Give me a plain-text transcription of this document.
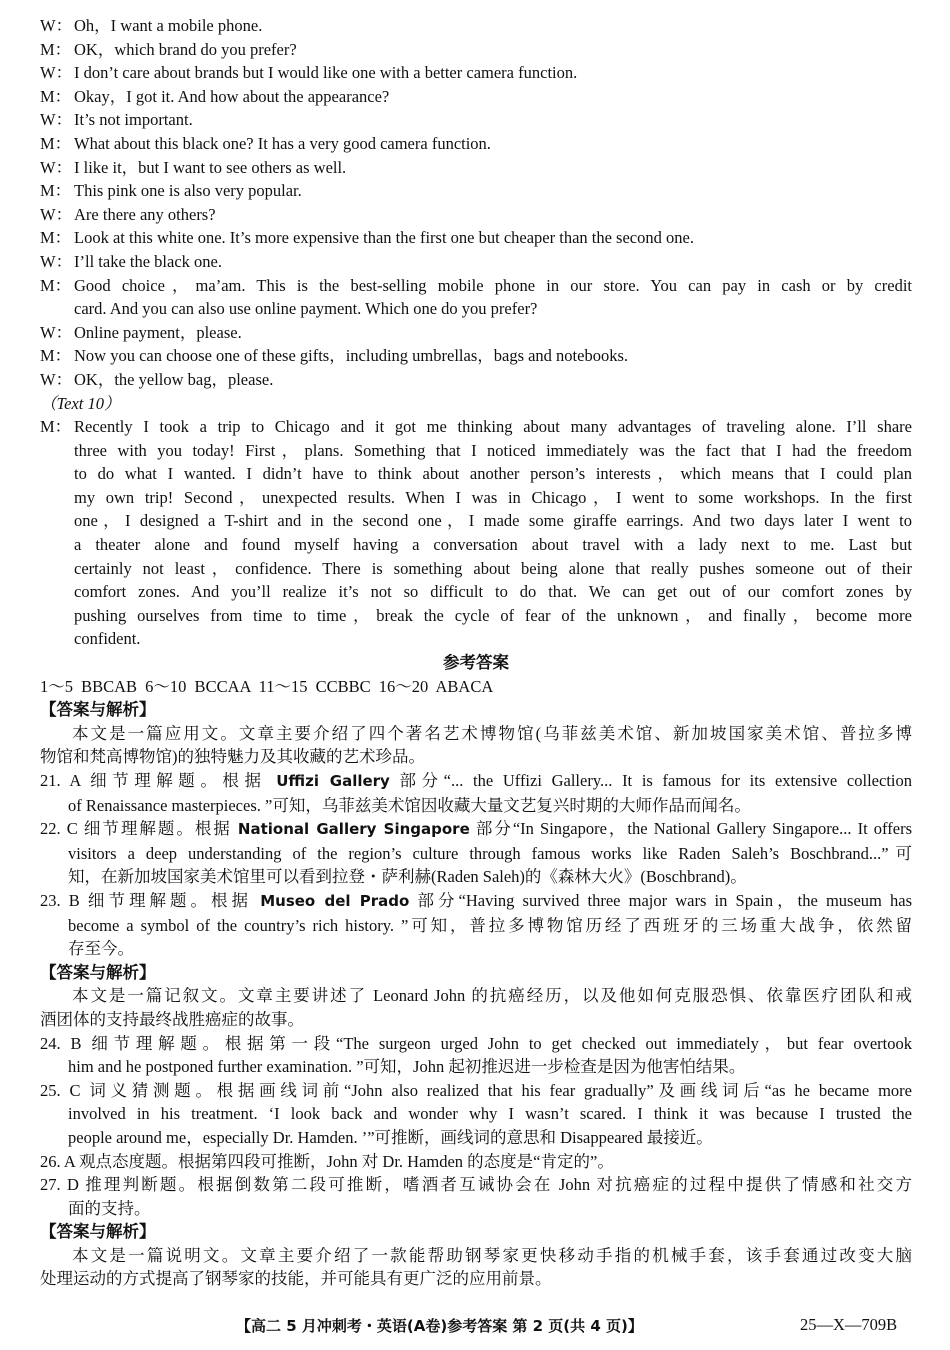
W： Oh，I want a mobile phone.
M： OK，which brand do you prefer?
W： I don’t care about brands but I would like one with a better camera function.
M： Okay，I got it. And how about the appearance?
W： It’s not important.
M： What about this black one? It has a very good camera function.
W： I like it，but I want to see others as well.
M： This pink one is also very popular.
W： Are there any others?
M： Look at this white one. It’s more expensive than the first one but cheaper than the second one.
W： I’ll take the black one.
M： Good choice，ma’am. This is the best-selling mobile phone in our store. You can pay in cash or by credit
card. And you can also use online payment. Which one do you prefer?
W： Online payment，please.
M： Now you can choose one of these gifts，including umbrellas，bags and notebooks.
W： OK，the yellow bag，please.
（Text 10）
M： Recently I took a trip to Chicago and it got me thinking about many advantages of traveling alone. I’ll share
three with you today! First，plans. Something that I noticed immediately was the fact that I had the freedom
to do what I wanted. I didn’t have to think about another person’s interests，which means that I could plan
my own trip! Second，unexpected results. When I was in Chicago，I went to some workshops. In the first
one，I designed a T-shirt and in the second one，I made some giraffe earrings. And two days later I went to
a theater alone and found myself having a conversation about travel with a lady next to me. Last but
certainly not least，confidence. There is something about being alone that really pushes someone out of their
comfort zones. And you’ll realize it’s not so difficult to do that. We can get out of our comfort zones by
pushing ourselves from time to time，break the cycle of fear of the unknown，and finally，become more
confident.
参考答案
1～5 BBCAB 6～10 BCCAA 11～15 CCBBC 16～20 ABACA
【答案与解析】
本文是一篇应用文。文章主要介绍了四个著名艺术博物馆(乌菲兹美术馆、新加坡国家美术馆、普拉多博
物馆和梵高博物馆)的独特魅力及其收藏的艺术珍品。
21. A 细节理解题。根据 Uffizi Gallery 部分“... the Uffizi Gallery... It is famous for its extensive collection
of Renaissance masterpieces. ”可知，乌菲兹美术馆因收藏大量文艺复兴时期的大师作品而闻名。
22. C 细节理解题。根据 National Gallery Singapore 部分“In Singapore，the National Gallery Singapore... It offers
visitors a deep understanding of the region’s culture through famous works like Raden Saleh’s Boschbrand...”可
知，在新加坡国家美术馆里可以看到拉登・萨利赫(Raden Saleh)的《森林大火》(Boschbrand)。
23. B 细节理解题。根据 Museo del Prado 部分“Having survived three major wars in Spain，the museum has
become a symbol of the country’s rich history. ”可知，普拉多博物馆历经了西班牙的三场重大战争，依然留
存至今。
【答案与解析】
本文是一篇记叙文。文章主要讲述了 Leonard John 的抗癌经历，以及他如何克服恐惧、依靠医疗团队和戒
酒团体的支持最终战胜癌症的故事。
24. B 细节理解题。根据第一段“The surgeon urged John to get checked out immediately，but fear overtook
him and he postponed further examination. ”可知，John 起初推迟进一步检查是因为他害怕结果。
25. C 词义猜测题。根据画线词前“John also realized that his fear gradually”及画线词后“as he became more
involved in his treatment. ‘I look back and wonder why I wasn’t scared. I think it was because I trusted the
people around me，especially Dr. Hamden. ’”可推断，画线词的意思和 Disappeared 最接近。
26. A 观点态度题。根据第四段可推断，John 对 Dr. Hamden 的态度是“肯定的”。
27. D 推理判断题。根据倒数第二段可推断，嗜酒者互诫协会在 John 对抗癌症的过程中提供了情感和社交方
面的支持。
【答案与解析】
本文是一篇说明文。文章主要介绍了一款能帮助钢琴家更快移动手指的机械手套，该手套通过改变大脑
处理运动的方式提高了钢琴家的技能，并可能具有更广泛的应用前景。
【高二 5 月冲刺考・英语(A卷)参考答案 第 2 页(共 4 页)】	25—X—709B
